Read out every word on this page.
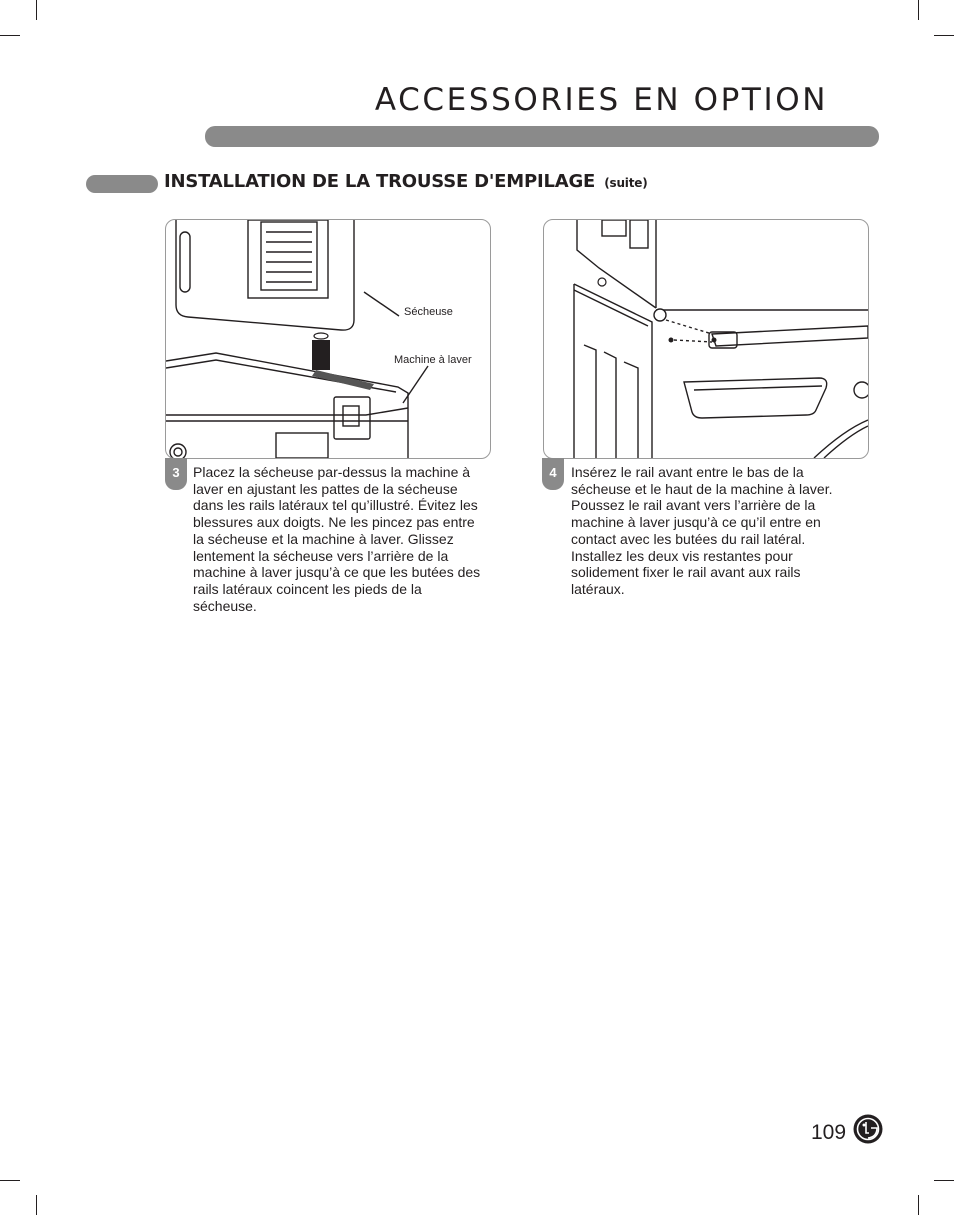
ACCESSORIES EN OPTION
INSTALLATION DE LA TROUSSE D'EMPILAGE (suite)
Sécheuse
Machine à laver
3 Placez la sécheuse par-dessus la machine à laver en ajustant les pattes de la sécheuse dans les rails latéraux tel qu’illustré. Évitez les blessures aux doigts. Ne les pincez pas entre la sécheuse et la machine à laver. Glissez lentement la sécheuse vers l’arrière de la machine à laver jusqu’à ce que les butées des rails latéraux coincent les pieds de la sécheuse.
4	Insérez le rail avant entre le bas de la sécheuse et le haut de la machine à laver. Poussez le rail avant vers l’arrière de la machine à laver jusqu’à ce qu’il entre en contact avec les butées du rail latéral. Installez les deux vis restantes pour solidement fixer le rail avant aux rails latéraux.
109
